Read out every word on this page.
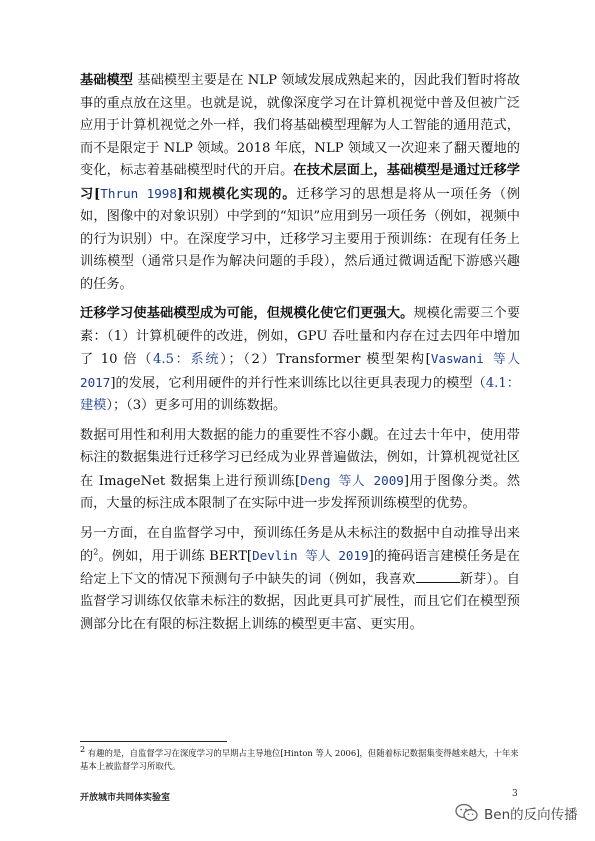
基础模型 基础模型主要是在 NLP 领域发展成熟起来的，因此我们暂时将故事的重点放在这里。也就是说，就像深度学习在计算机视觉中普及但被广泛应用于计算机视觉之外一样，我们将基础模型理解为人工智能的通用范式，而不是限定于 NLP 领域。2018 年底，NLP 领域又一次迎来了翻天覆地的变化，标志着基础模型时代的开启。在技术层面上，基础模型是通过迁移学习[Thrun 1998]和规模化实现的。迁移学习的思想是将从一项任务（例如，图像中的对象识别）中学到的“知识”应用到另一项任务（例如，视频中的行为识别）中。在深度学习中，迁移学习主要用于预训练：在现有任务上训练模型（通常只是作为解决问题的手段），然后通过微调适配下游感兴趣的任务。

迁移学习使基础模型成为可能，但规模化使它们更强大。规模化需要三个要素：（1）计算机硬件的改进，例如，GPU 吞吐量和内存在过去四年中增加了 10 倍（4.5：系统）；（2）Transformer 模型架构[Vaswani 等人 2017]的发展，它利用硬件的并行性来训练比以往更具表现力的模型（4.1：建模）；（3）更多可用的训练数据。

数据可用性和利用大数据的能力的重要性不容小觑。在过去十年中，使用带标注的数据集进行迁移学习已经成为业界普遍做法，例如，计算机视觉社区在 ImageNet 数据集上进行预训练[Deng 等人 2009]用于图像分类。然而，大量的标注成本限制了在实际中进一步发挥预训练模型的优势。

另一方面，在自监督学习中，预训练任务是从未标注的数据中自动推导出来的$^2$。例如，用于训练 BERT[Devlin 等人 2019]的掩码语言建模任务是在给定上下文的情况下预测句子中缺失的词（例如，我喜欢	新芽）。自监督学习训练仅依靠未标注的数据，因此更具可扩展性，而且它们在模型预测部分比在有限的标注数据上训练的模型更丰富、更实用。

$^2$ 有趣的是，自监督学习在深度学习的早期占主导地位[Hinton 等人 2006]，但随着标记数据集变得越来越大，十年来基本上被监督学习所取代。
开放城市共同体实验室	3
Ben的反向传播
